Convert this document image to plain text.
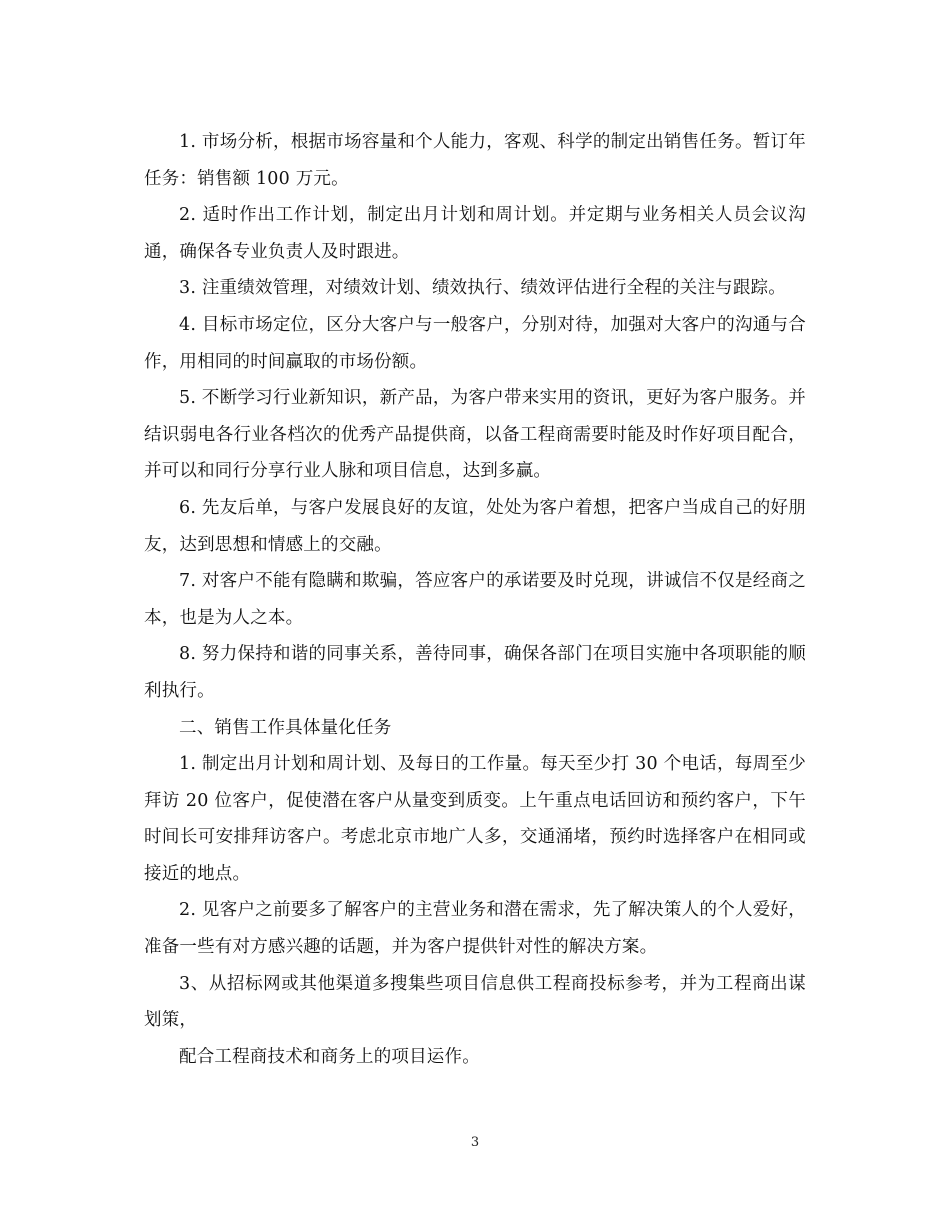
1. 市场分析，根据市场容量和个人能力，客观、科学的制定出销售任务。暂订年任务：销售额 100 万元。

2. 适时作出工作计划，制定出月计划和周计划。并定期与业务相关人员会议沟通，确保各专业负责人及时跟进。

3. 注重绩效管理，对绩效计划、绩效执行、绩效评估进行全程的关注与跟踪。

4. 目标市场定位，区分大客户与一般客户，分别对待，加强对大客户的沟通与合作，用相同的时间赢取的市场份额。

5. 不断学习行业新知识，新产品，为客户带来实用的资讯，更好为客户服务。并结识弱电各行业各档次的优秀产品提供商，以备工程商需要时能及时作好项目配合，并可以和同行分享行业人脉和项目信息，达到多赢。

6. 先友后单，与客户发展良好的友谊，处处为客户着想，把客户当成自己的好朋友，达到思想和情感上的交融。

7. 对客户不能有隐瞒和欺骗，答应客户的承诺要及时兑现，讲诚信不仅是经商之本，也是为人之本。

8. 努力保持和谐的同事关系，善待同事，确保各部门在项目实施中各项职能的顺利执行。

二、销售工作具体量化任务

1. 制定出月计划和周计划、及每日的工作量。每天至少打 30 个电话，每周至少拜访 20 位客户，促使潜在客户从量变到质变。上午重点电话回访和预约客户，下午时间长可安排拜访客户。考虑北京市地广人多，交通涌堵，预约时选择客户在相同或接近的地点。

2. 见客户之前要多了解客户的主营业务和潜在需求，先了解决策人的个人爱好，准备一些有对方感兴趣的话题，并为客户提供针对性的解决方案。

3、从招标网或其他渠道多搜集些项目信息供工程商投标参考，并为工程商出谋划策，

配合工程商技术和商务上的项目运作。

3
